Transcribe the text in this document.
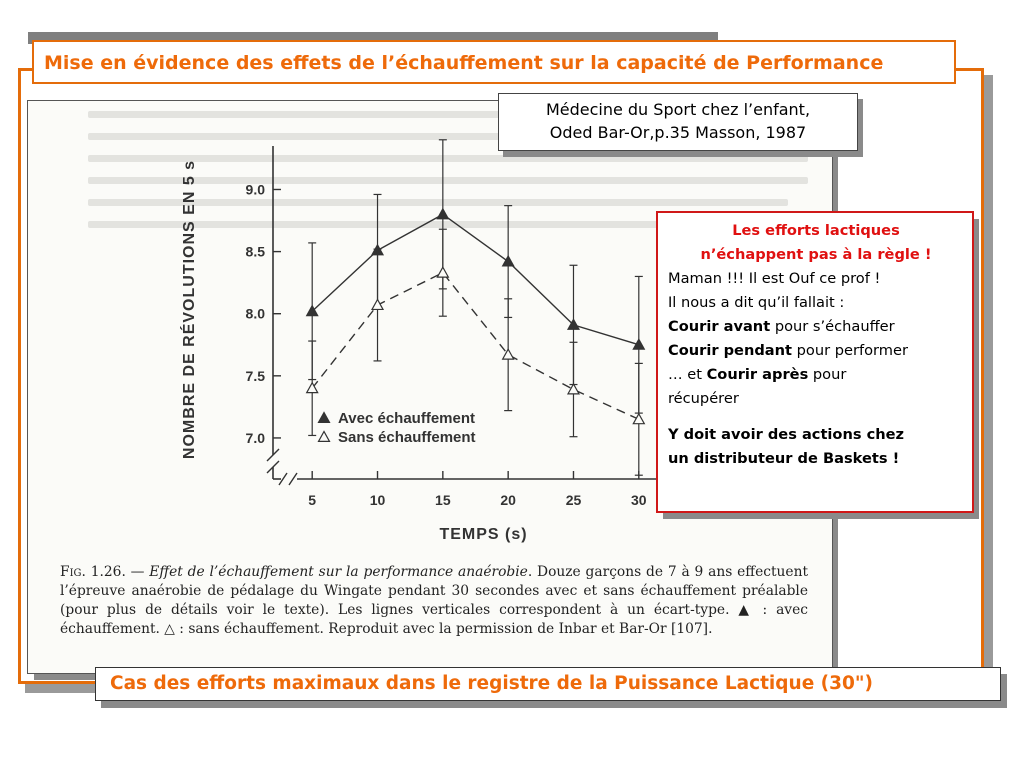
Mise en évidence des effets de l’échauffement sur la capacité de Performance
7.0
7.5
8.0
8.5
9.0
5	10	15	20	25	30
TEMPS (s)
NOMBRE DE RÉVOLUTIONS EN 5 s	Avec échauffement
Sans échauffement
Fig. 1.26. — Effet de l’échauffement sur la performance anaérobie. Douze garçons de 7 à 9 ans effectuent l’épreuve anaérobie de pédalage du Wingate pendant 30 secondes avec et sans échauffement préalable (pour plus de détails voir le texte). Les lignes verticales correspondent à un écart-type. ▲ : avec échauffement. △ : sans échauffement. Reproduit avec la permission de Inbar et Bar-Or [107].
Médecine du Sport chez l’enfant,
Oded Bar-Or,p.35 Masson, 1987
Les efforts lactiques
n’échappent pas à la règle !
Maman !!! Il est Ouf ce prof !
Il nous a dit qu’il fallait :
Courir avant pour s’échauffer
Courir pendant pour performer
… et Courir après pour
récupérer
Y doit avoir des actions chez
un distributeur de Baskets !
Cas des efforts maximaux dans le registre de la Puissance Lactique (30")
